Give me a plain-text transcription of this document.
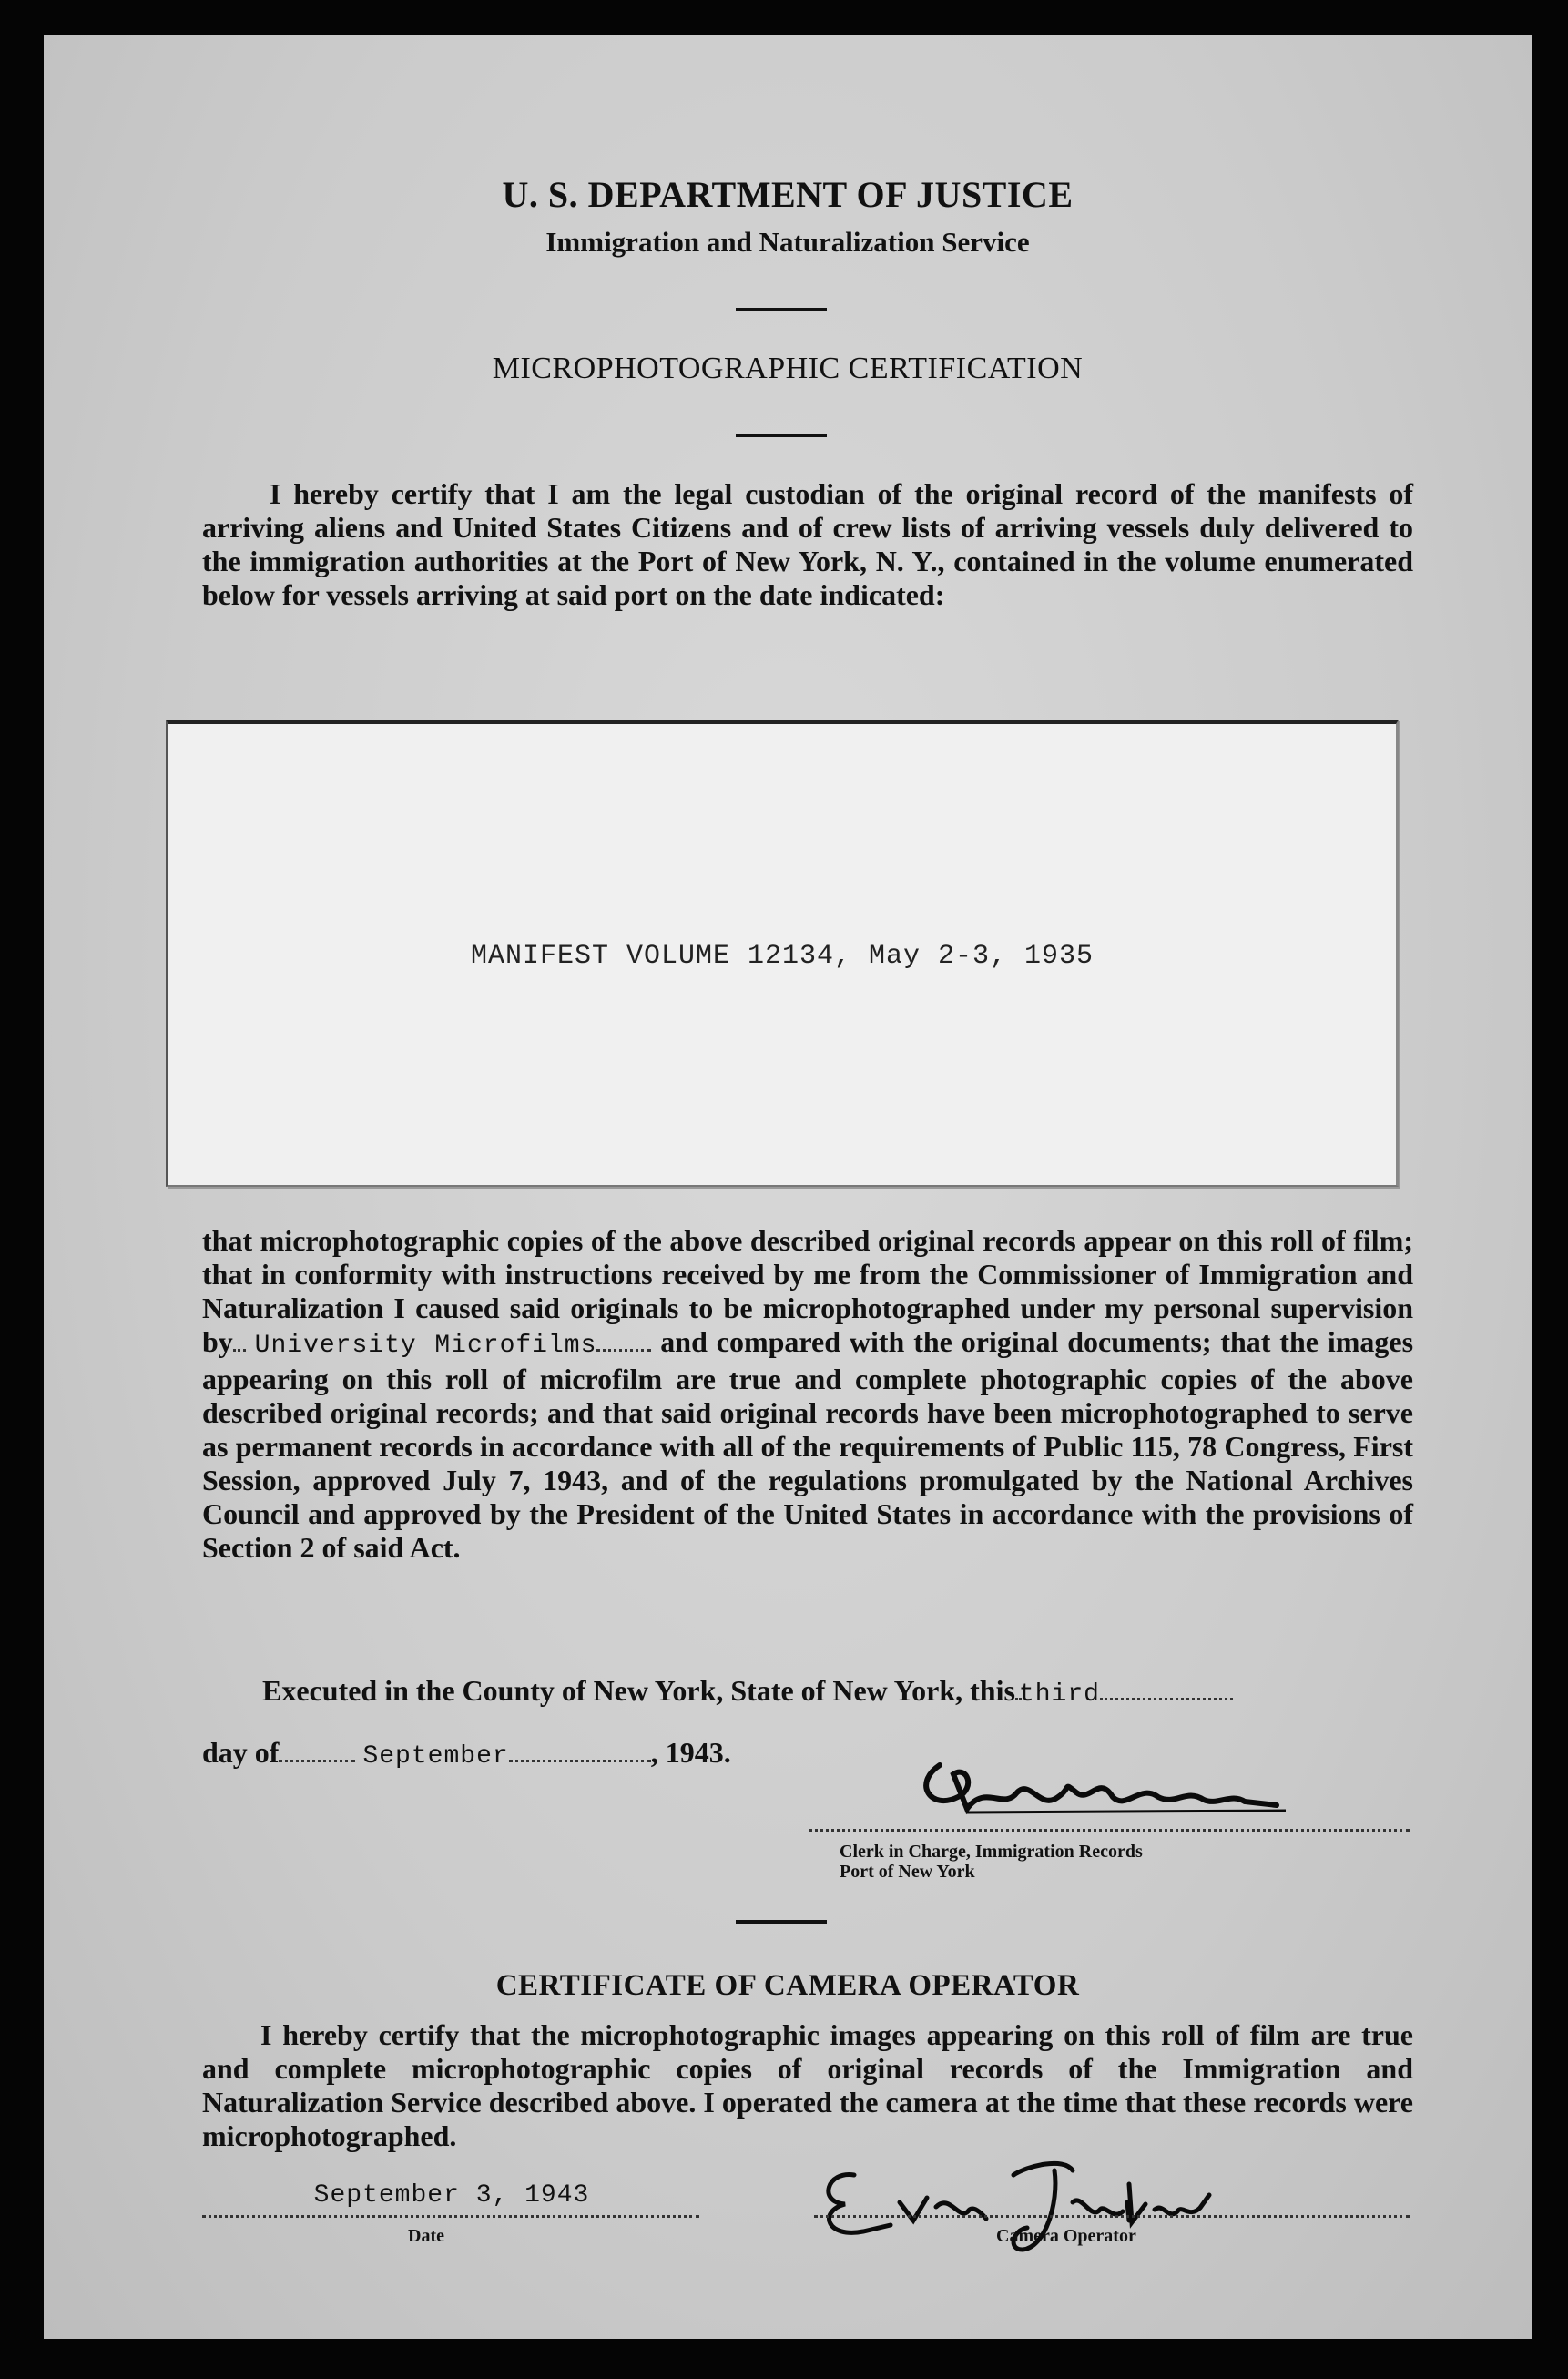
U. S. DEPARTMENT OF JUSTICE
Immigration and Naturalization Service
MICROPHOTOGRAPHIC CERTIFICATION
I hereby certify that I am the legal custodian of the original record of the manifests of arriving aliens and United States Citizens and of crew lists of arriving vessels duly delivered to the immigration authorities at the Port of New York, N. Y., contained in the volume enumerated below for vessels arriving at said port on the date indicated:
MANIFEST VOLUME 12134, May 2-3, 1935
that microphotographic copies of the above described original records appear on this roll of film; that in conformity with instructions received by me from the Commissioner of Immigration and Naturalization I caused said originals to be microphotographed under my personal supervision by University Microfilms and compared with the original documents; that the images appearing on this roll of microfilm are true and complete photographic copies of the above described original records; and that said original records have been microphotographed to serve as permanent records in accordance with all of the requirements of Public 115, 78 Congress, First Session, approved July 7, 1943, and of the regulations promulgated by the National Archives Council and approved by the President of the United States in accordance with the provisions of Section 2 of said Act.
Executed in the County of New York, State of New York, this third
day of	September	, 1943.
Clerk in Charge, Immigration Records
Port of New York
CERTIFICATE OF CAMERA OPERATOR
I hereby certify that the microphotographic images appearing on this roll of film are true and complete microphotographic copies of original records of the Immigration and Naturalization Service described above. I operated the camera at the time that these records were microphotographed.
September 3, 1943
Date	Camera Operator
